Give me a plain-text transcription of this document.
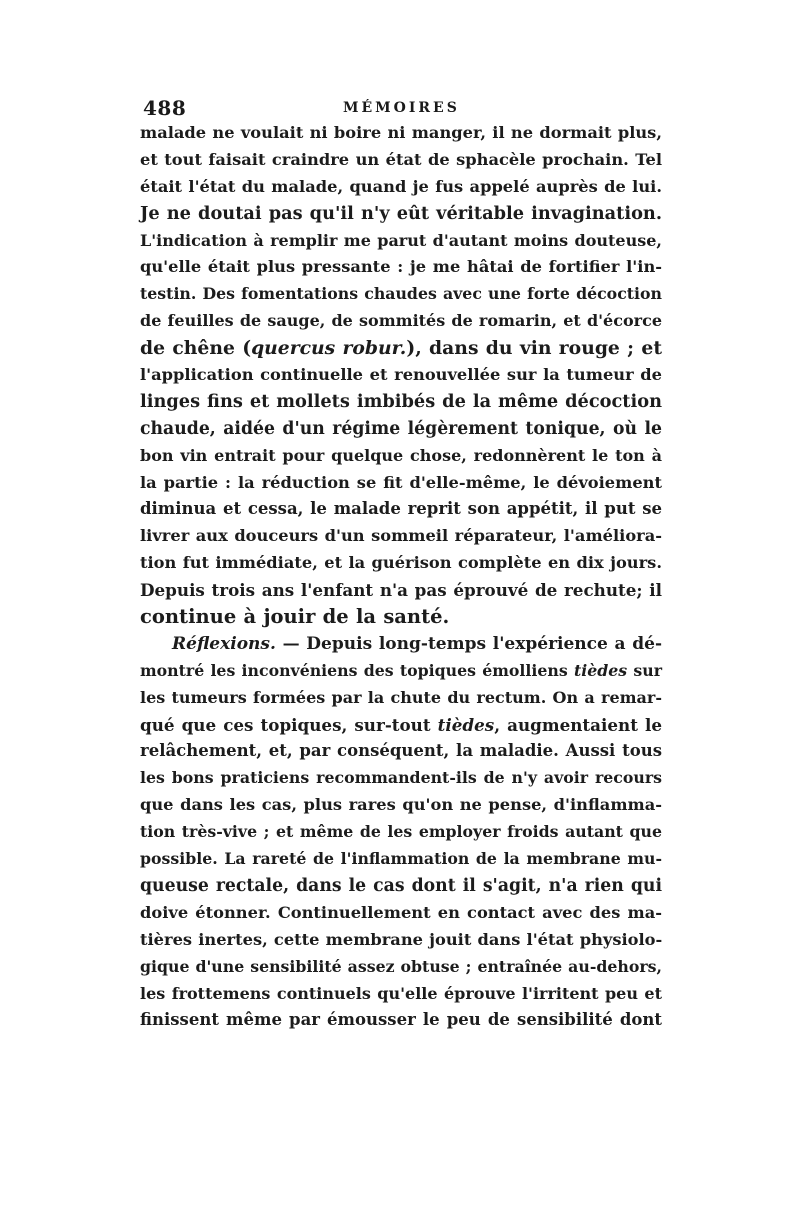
488	MÉMOIRES
malade ne voulait ni boire ni manger, il ne dormait plus,
et tout faisait craindre un état de sphacèle prochain. Tel
était l'état du malade, quand je fus appelé auprès de lui.
Je ne doutai pas qu'il n'y eût véritable invagination.
L'indication à remplir me parut d'autant moins douteuse,
qu'elle était plus pressante : je me hâtai de fortifier l'in-
testin. Des fomentations chaudes avec une forte décoction
de feuilles de sauge, de sommités de romarin, et d'écorce
de chêne (quercus robur.), dans du vin rouge ; et
l'application continuelle et renouvellée sur la tumeur de
linges fins et mollets imbibés de la même décoction
chaude, aidée d'un régime légèrement tonique, où le
bon vin entrait pour quelque chose, redonnèrent le ton à
la partie : la réduction se fit d'elle-même, le dévoiement
diminua et cessa, le malade reprit son appétit, il put se
livrer aux douceurs d'un sommeil réparateur, l'améliora-
tion fut immédiate, et la guérison complète en dix jours.
Depuis trois ans l'enfant n'a pas éprouvé de rechute; il
continue à jouir de la santé.
Réflexions. — Depuis long-temps l'expérience a dé-
montré les inconvéniens des topiques émolliens tièdes sur
les tumeurs formées par la chute du rectum. On a remar-
qué que ces topiques, sur-tout tièdes, augmentaient le
relâchement, et, par conséquent, la maladie. Aussi tous
les bons praticiens recommandent-ils de n'y avoir recours
que dans les cas, plus rares qu'on ne pense, d'inflamma-
tion très-vive ; et même de les employer froids autant que
possible. La rareté de l'inflammation de la membrane mu-
queuse rectale, dans le cas dont il s'agit, n'a rien qui
doive étonner. Continuellement en contact avec des ma-
tières inertes, cette membrane jouit dans l'état physiolo-
gique d'une sensibilité assez obtuse ; entraînée au-dehors,
les frottemens continuels qu'elle éprouve l'irritent peu et
finissent même par émousser le peu de sensibilité dont
